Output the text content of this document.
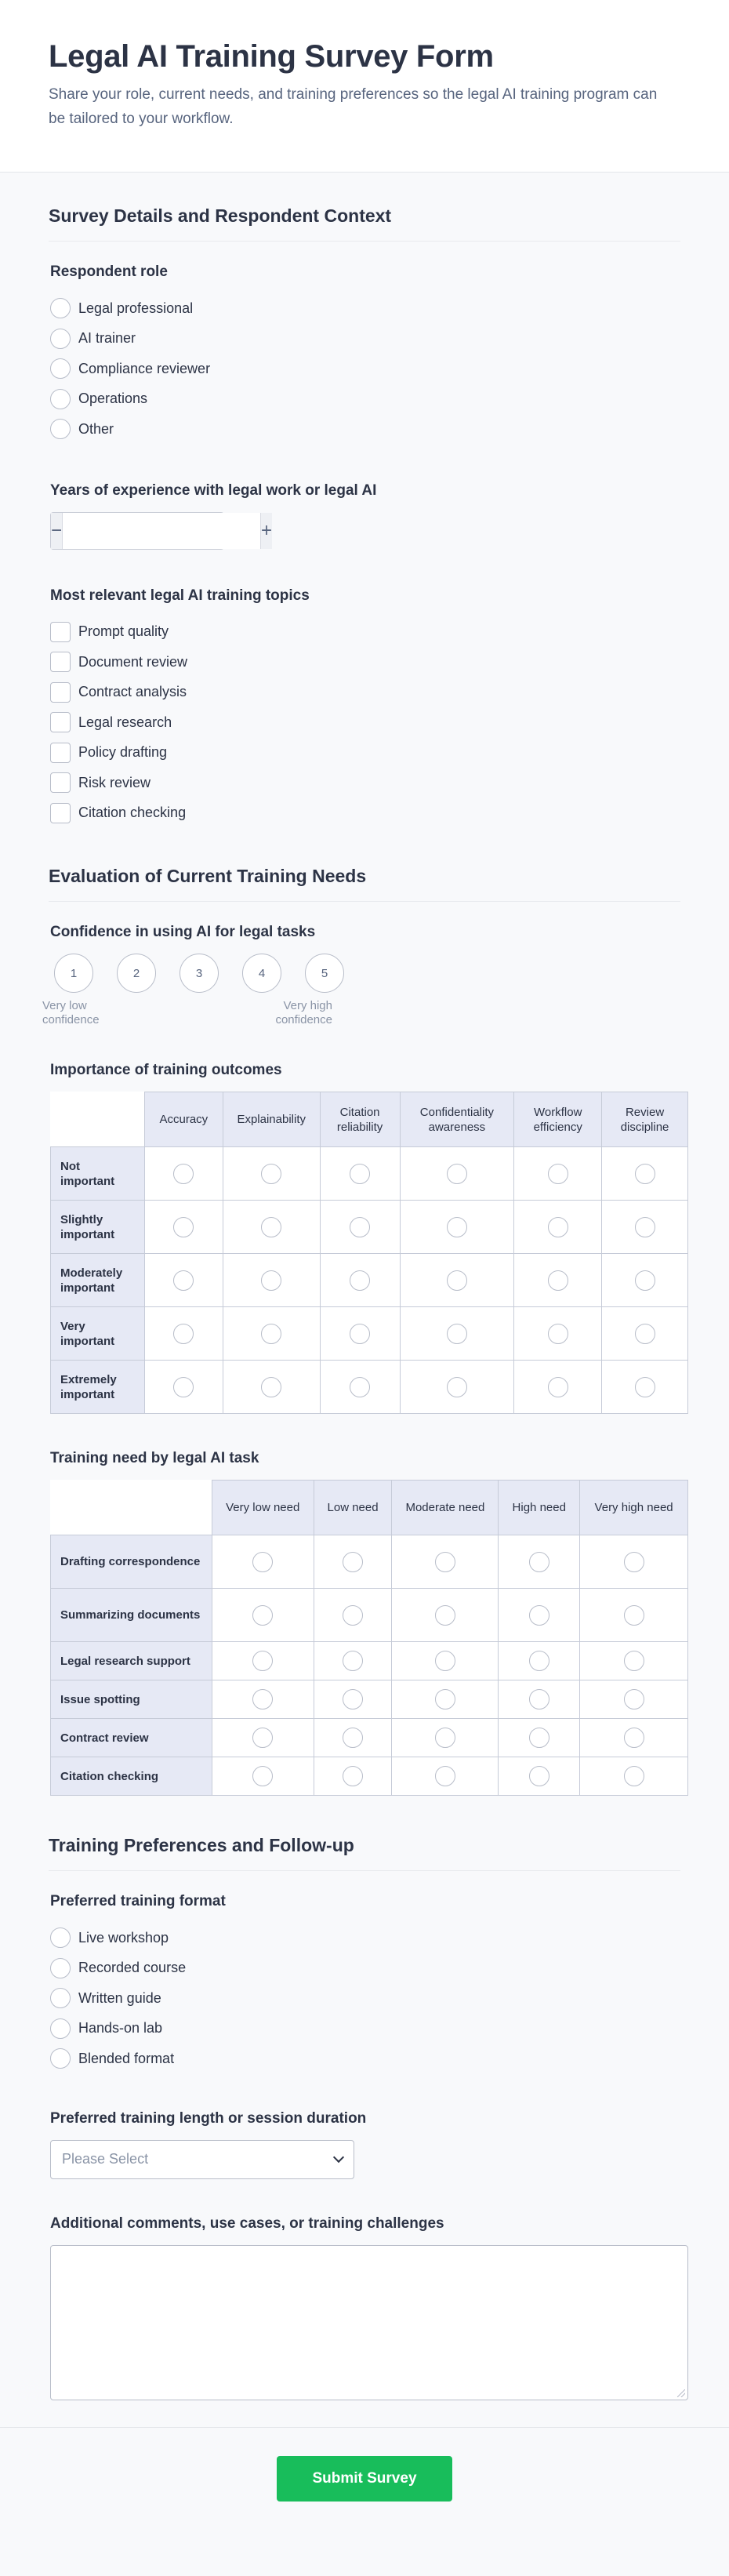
Legal AI Training Survey Form

Share your role, current needs, and training preferences so the legal AI training program can be tailored to your workflow.

Survey Details and Respondent Context
Respondent role
Legal professional
AI trainer
Compliance reviewer
Operations
Other
Years of experience with legal work or legal AI
−	+
Most relevant legal AI training topics
Prompt quality
Document review
Contract analysis
Legal research
Policy drafting
Risk review
Citation checking
Evaluation of Current Training Needs
Confidence in using AI for legal tasks
1	2	3	4	5
Very low confidence
Very high confidence
Importance of training outcomes
	Accuracy	Explainability	Citation reliability	Confidentiality awareness	Workflow efficiency	Review discipline
Not important						
Slightly important						
Moderately important						
Very important						
Extremely important						
Training need by legal AI task
	Very low need	Low need	Moderate need	High need	Very high need
Drafting correspondence					
Summarizing documents					
Legal research support					
Issue spotting					
Contract review					
Citation checking					
Training Preferences and Follow-up
Preferred training format
Live workshop
Recorded course
Written guide
Hands-on lab
Blended format
Preferred training length or session duration
Please Select
Additional comments, use cases, or training challenges
Submit Survey
